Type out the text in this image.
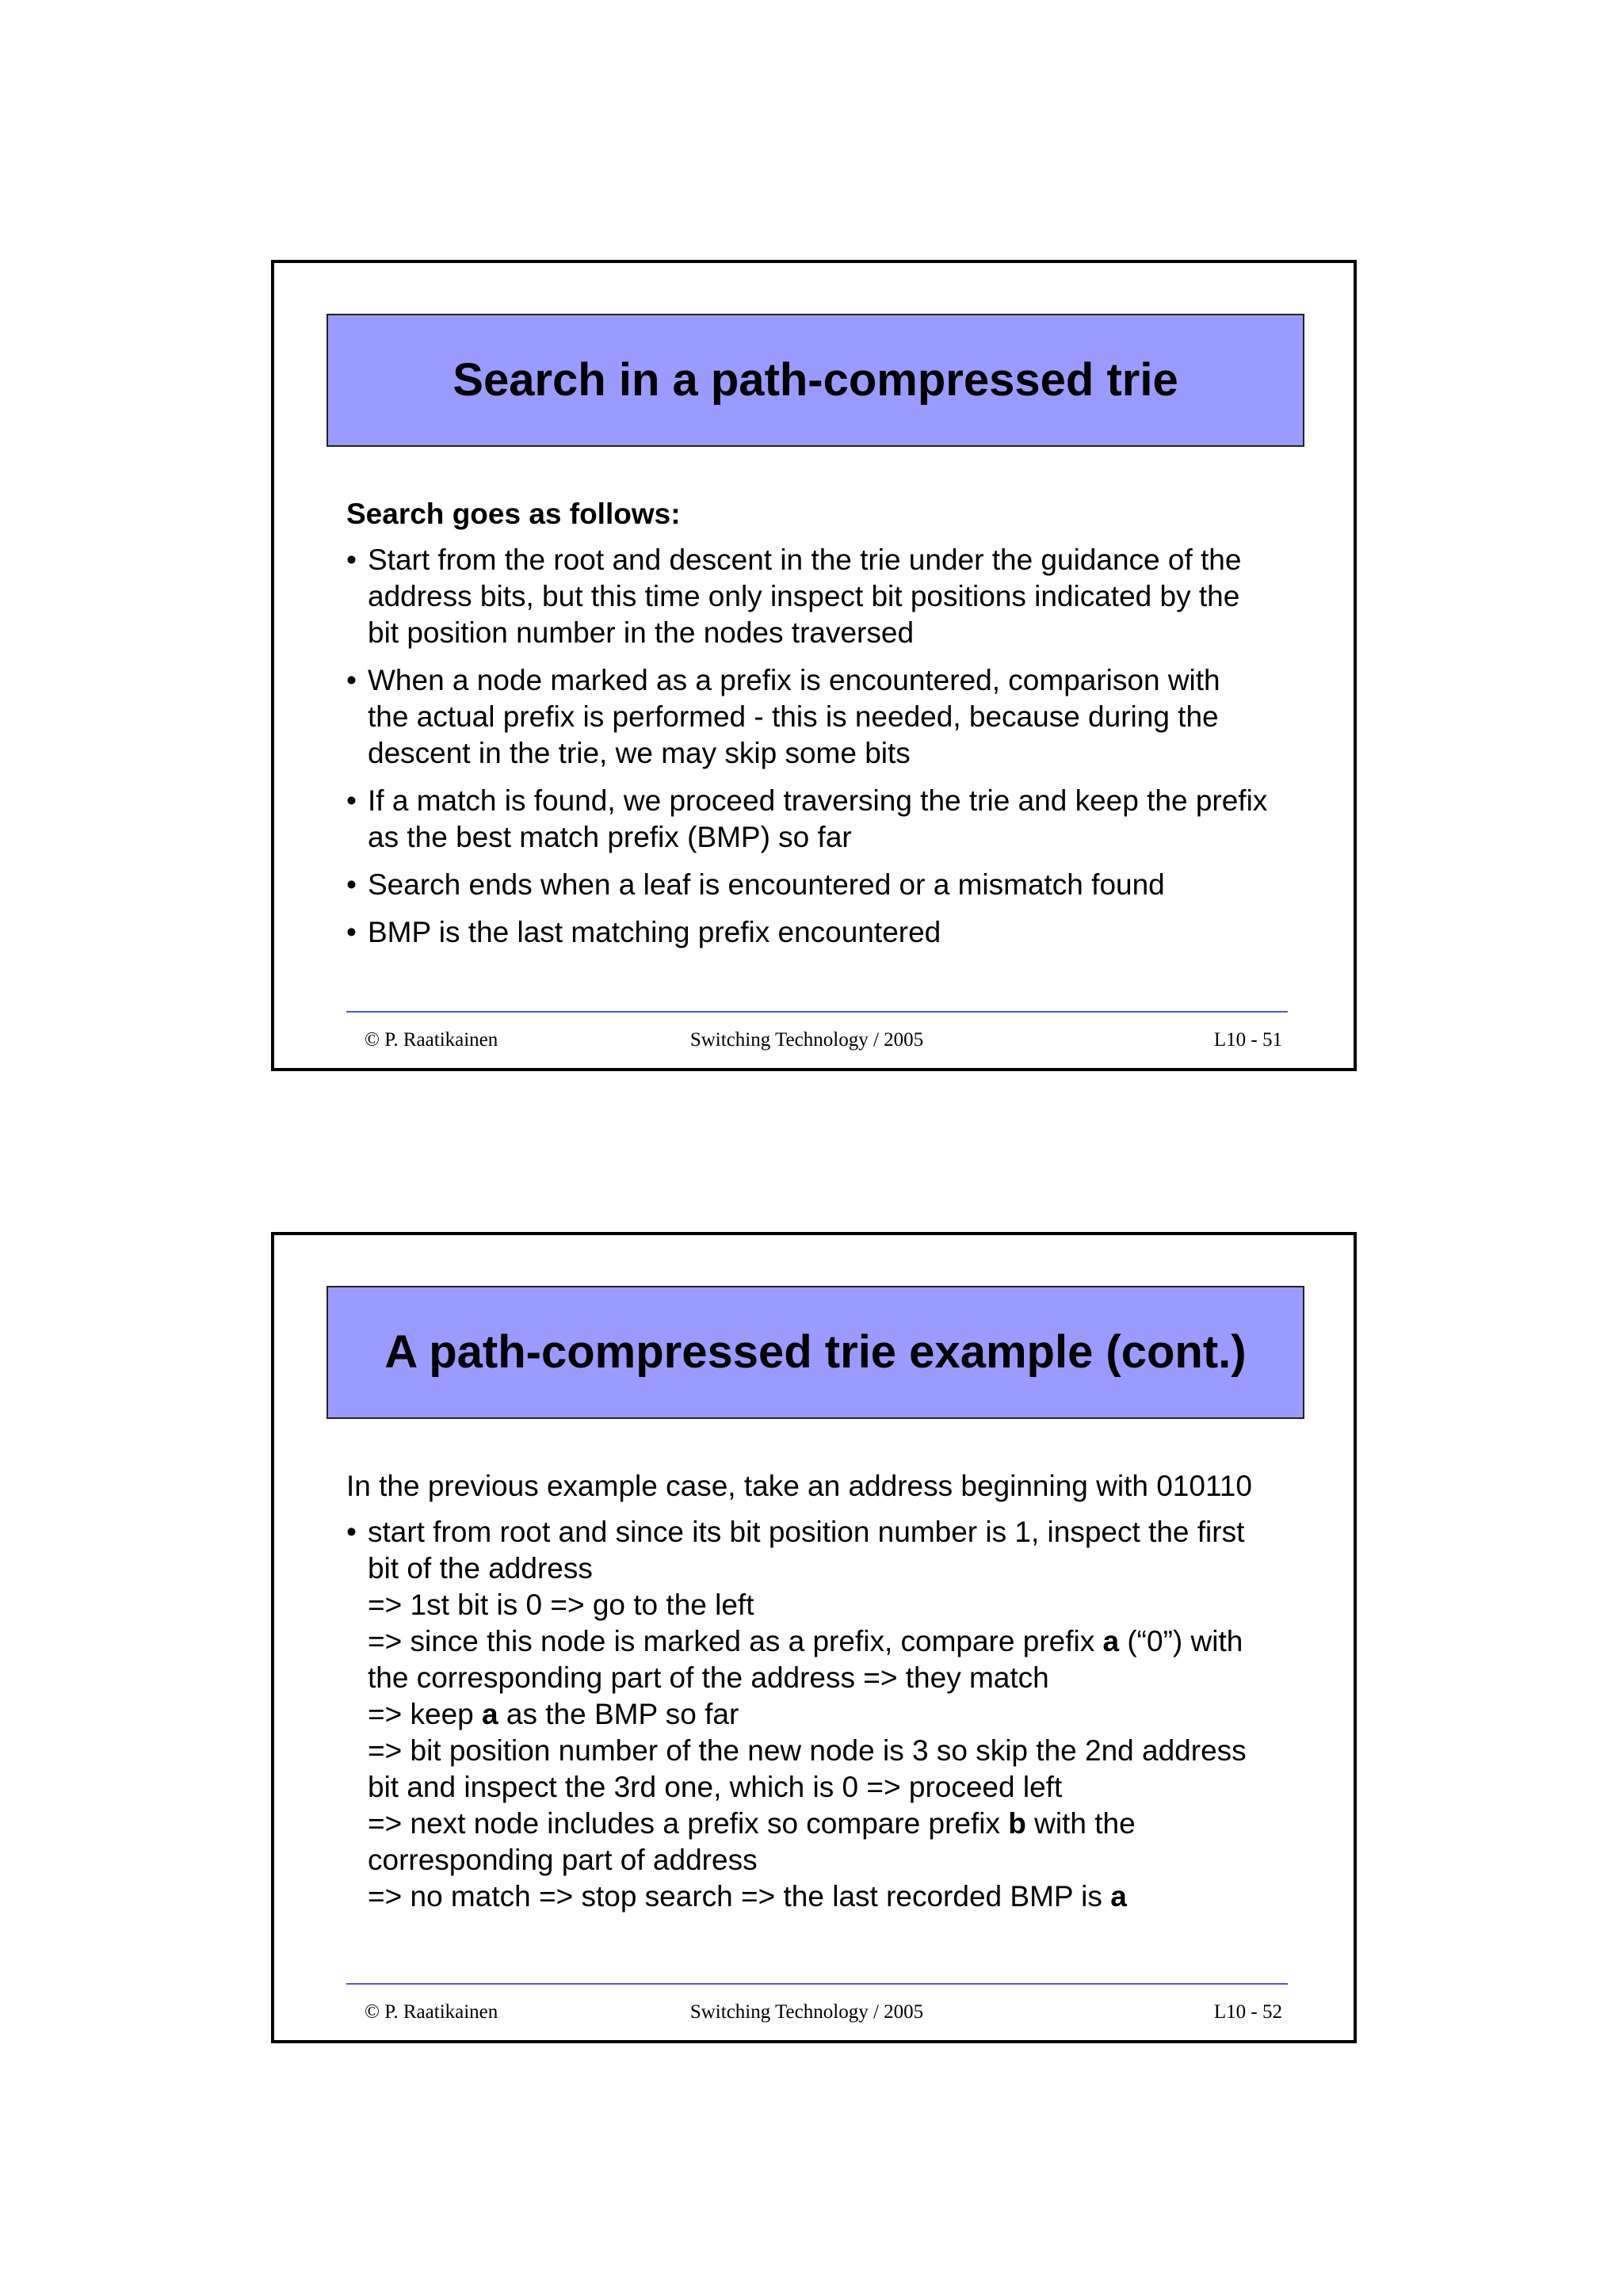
Search in a path-compressed trie

Search goes as follows:

• Start from the root and descent in the trie under the guidance of the
address bits, but this time only inspect bit positions indicated by the
bit position number in the nodes traversed
• When a node marked as a prefix is encountered, comparison with
the actual prefix is performed - this is needed, because during the
descent in the trie, we may skip some bits
• If a match is found, we proceed traversing the trie and keep the prefix
as the best match prefix (BMP) so far
• Search ends when a leaf is encountered or a mismatch found
• BMP is the last matching prefix encountered
© P. Raatikainen	Switching Technology / 2005	L10 - 51
A path-compressed trie example (cont.)

In the previous example case, take an address beginning with 010110

• start from root and since its bit position number is 1, inspect the first
bit of the address
=> 1st bit is 0 => go to the left
=> since this node is marked as a prefix, compare prefix a (“0”) with
the corresponding part of the address => they match
=> keep a as the BMP so far
=> bit position number of the new node is 3 so skip the 2nd address
bit and inspect the 3rd one, which is 0 => proceed left
=> next node includes a prefix so compare prefix b with the
corresponding part of address
=> no match => stop search => the last recorded BMP is a
© P. Raatikainen	Switching Technology / 2005	L10 - 52
